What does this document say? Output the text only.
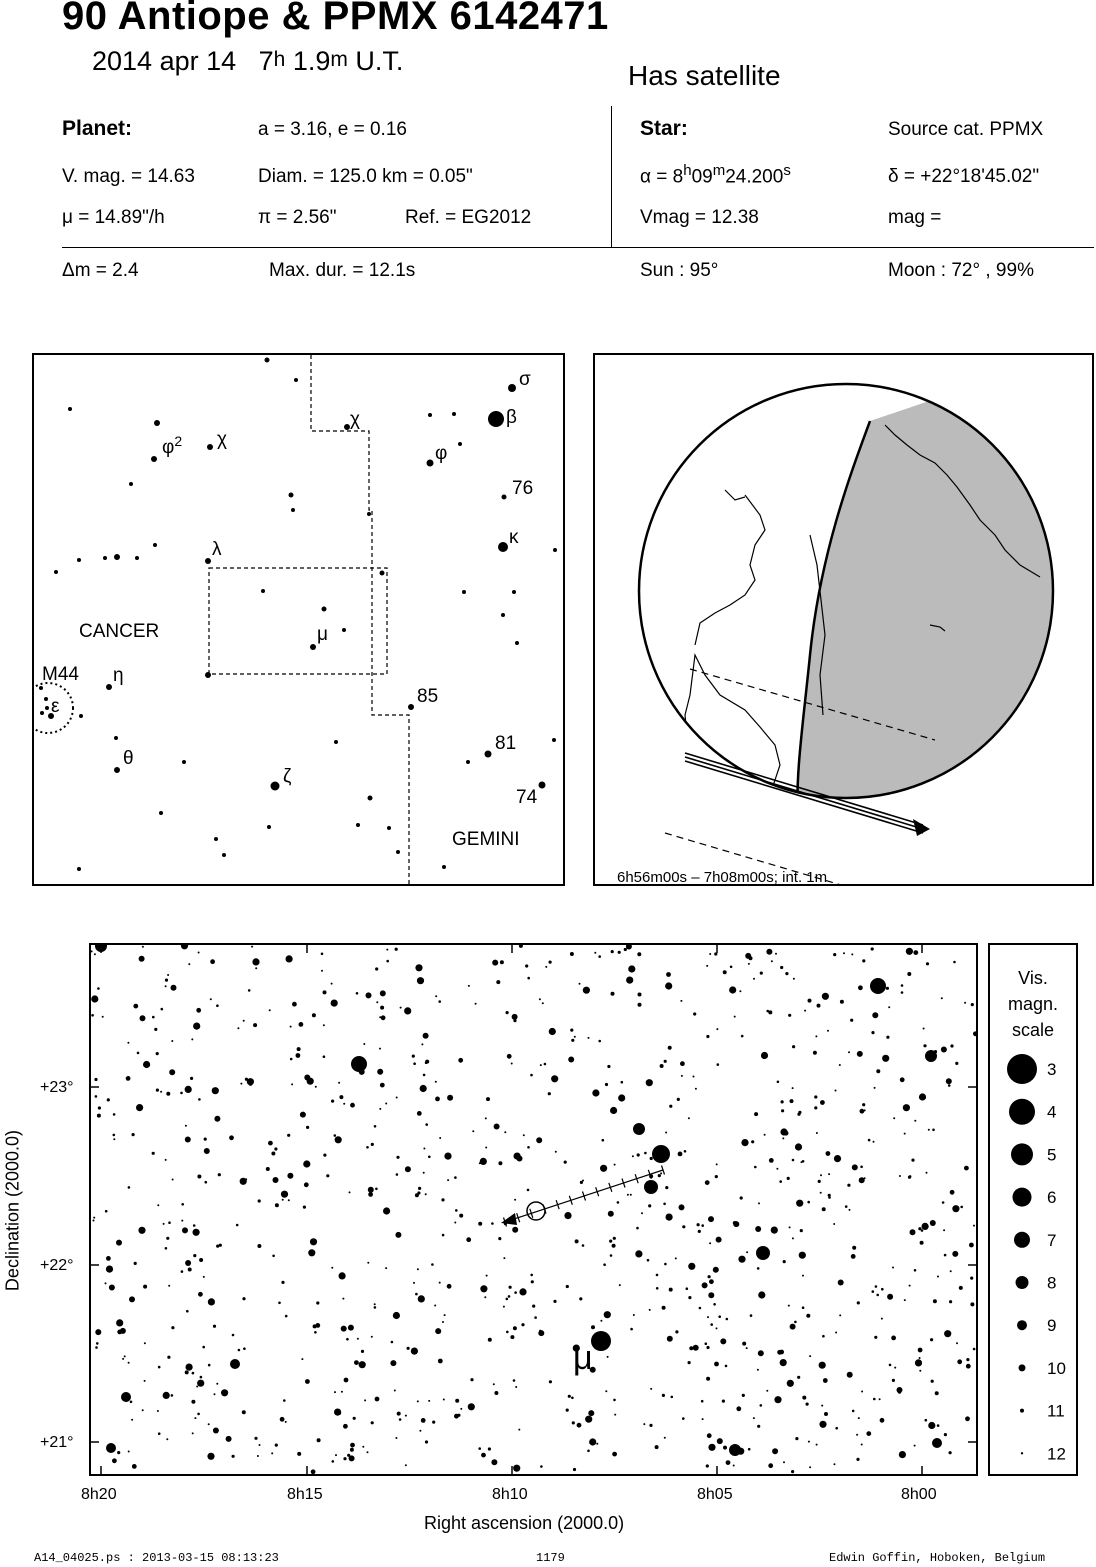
90 Antiope & PPMX 6142471
2014 apr 14 7$^h$ 1.9$^m$ U.T.	Has satellite
Planet:	a = 3.16, e = 0.16
V. mag. = 14.63	Diam. = 125.0 km = 0.05"
μ = 14.89"/h	π = 2.56"	Ref. = EG2012
Star:	Source cat. PPMX
$\alpha = 8^h09^m24.200^s$	δ = +22°18'45.02"
Vmag = 12.38	mag =
Δm = 2.4	Max. dur. = 12.1s	Sun : 95°	Moon : 72° , 99%
σ
β
χ
$\varphi^2$ χ
φ
76
κ
λ
μ
CANCER
M44 η
ε
θ
ζ
85
81
74
GEMINI
6h56m00s – 7h08m00s; int. 1m
μ
+23°
+22°
+21°
8h20	8h15	8h10	8h05	8h00
Right ascension (2000.0)
Declination (2000.0)
Vis.
magn.
scale
3
4
5
6
7
8
9
10
11
12
A14_04025.ps : 2013-03-15 08:13:23	1179	Edwin Goffin, Hoboken, Belgium
